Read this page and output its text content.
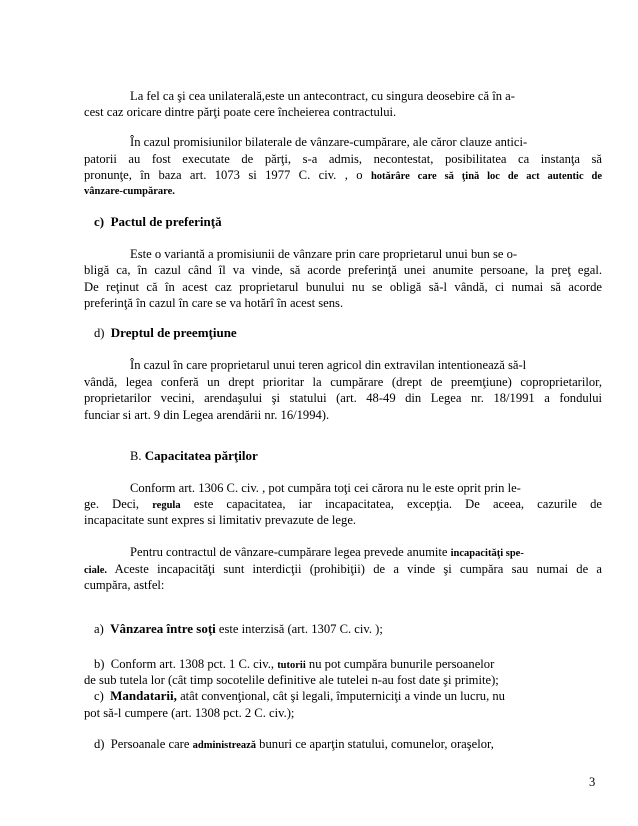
La fel ca şi cea unilaterală,este un antecontract, cu singura deosebire că în a-
cest caz oricare dintre părţi poate cere încheierea contractului.
În cazul promisiunilor bilaterale de vânzare-cumpărare, ale căror clauze antici-
patorii au fost executate de părţi, s-a admis, necontestat, posibilitatea ca instanţa să
pronunţe, în baza art. 1073 si 1977 C. civ. , o hotărâre care să ţină loc de act autentic de
vânzare-cumpărare.
c) Pactul de preferinţă
Este o variantă a promisiunii de vânzare prin care proprietarul unui bun se o-
bligă ca, în cazul când îl va vinde, să acorde preferinţă unei anumite persoane, la preţ egal.
De reţinut că în acest caz proprietarul bunului nu se obligă să-l vândă, ci numai să acorde
preferinţă în cazul în care se va hotărî în acest sens.
d) Dreptul de preemţiune
În cazul în care proprietarul unui teren agricol din extravilan intentionează să-l
vândă, legea conferă un drept prioritar la cumpărare (drept de preemţiune) coproprietarilor,
proprietarilor vecini, arendaşului şi statului (art. 48-49 din Legea nr. 18/1991 a fondului
funciar si art. 9 din Legea arendării nr. 16/1994).
B. Capacitatea părţilor
Conform art. 1306 C. civ. , pot cumpăra toţi cei cărora nu le este oprit prin le-
ge. Deci, regula este capacitatea, iar incapacitatea, excepţia. De aceea, cazurile de
incapacitate sunt expres si limitativ prevazute de lege.
Pentru contractul de vânzare-cumpărare legea prevede anumite incapacităţi spe-
ciale. Aceste incapacităţi sunt interdicţii (prohibiţii) de a vinde şi cumpăra sau numai de a
cumpăra, astfel:
a) Vânzarea între soţi este interzisă (art. 1307 C. civ. );
b) Conform art. 1308 pct. 1 C. civ., tutorii nu pot cumpăra bunurile persoanelor
de sub tutela lor (cât timp socotelile definitive ale tutelei n-au fost date şi primite);
c) Mandatarii, atât convenţional, cât şi legali, împuterniciţi a vinde un lucru, nu
pot să-l cumpere (art. 1308 pct. 2 C. civ.);
d) Persoanale care administrează bunuri ce aparţin statului, comunelor, oraşelor,
3
